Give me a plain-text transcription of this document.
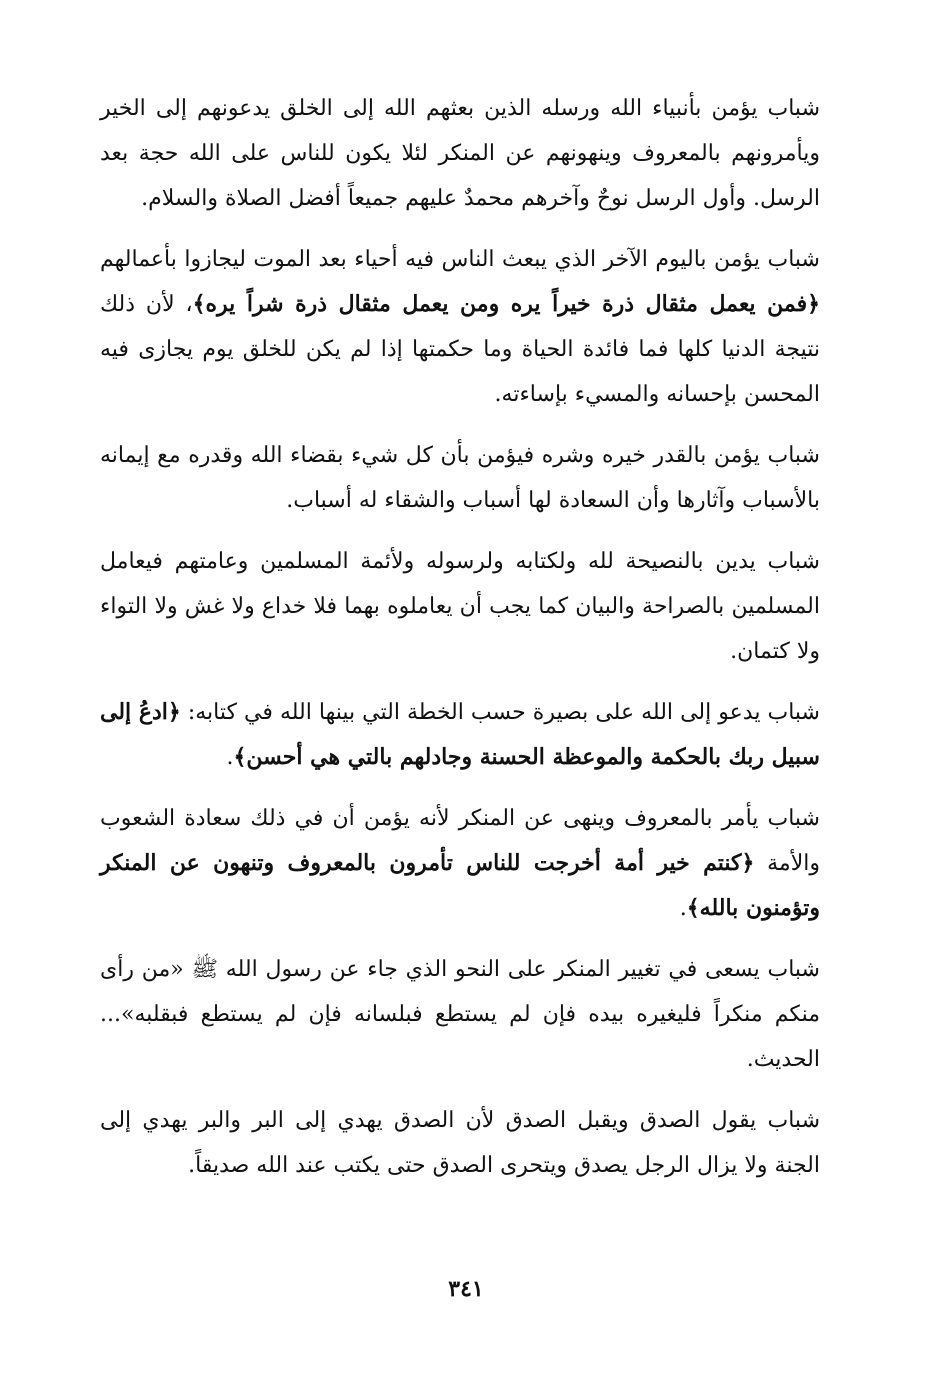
شباب يؤمن بأنبياء الله ورسله الذين بعثهم الله إلى الخلق يدعونهم إلى الخير ويأمرونهم بالمعروف وينهونهم عن المنكر لئلا يكون للناس على الله حجة بعد الرسل. وأول الرسل نوحٌ وآخرهم محمدٌ عليهم جميعاً أفضل الصلاة والسلام.

شباب يؤمن باليوم الآخر الذي يبعث الناس فيه أحياء بعد الموت ليجازوا بأعمالهم ﴿فمن يعمل مثقال ذرة خيراً يره ومن يعمل مثقال ذرة شراً يره﴾، لأن ذلك نتيجة الدنيا كلها فما فائدة الحياة وما حكمتها إذا لم يكن للخلق يوم يجازى فيه المحسن بإحسانه والمسيء بإساءته.

شباب يؤمن بالقدر خيره وشره فيؤمن بأن كل شيء بقضاء الله وقدره مع إيمانه بالأسباب وآثارها وأن السعادة لها أسباب والشقاء له أسباب.

شباب يدين بالنصيحة لله ولكتابه ولرسوله ولأئمة المسلمين وعامتهم فيعامل المسلمين بالصراحة والبيان كما يجب أن يعاملوه بهما فلا خداع ولا غش ولا التواء ولا كتمان.

شباب يدعو إلى الله على بصيرة حسب الخطة التي بينها الله في كتابه: ﴿ادعُ إلى سبيل ربك بالحكمة والموعظة الحسنة وجادلهم بالتي هي أحسن﴾.

شباب يأمر بالمعروف وينهى عن المنكر لأنه يؤمن أن في ذلك سعادة الشعوب والأمة ﴿كنتم خير أمة أخرجت للناس تأمرون بالمعروف وتنهون عن المنكر وتؤمنون بالله﴾.

شباب يسعى في تغيير المنكر على النحو الذي جاء عن رسول الله ﷺ «من رأى منكم منكراً فليغيره بيده فإن لم يستطع فبلسانه فإن لم يستطع فبقلبه»... الحديث.

شباب يقول الصدق ويقبل الصدق لأن الصدق يهدي إلى البر والبر يهدي إلى الجنة ولا يزال الرجل يصدق ويتحرى الصدق حتى يكتب عند الله صديقاً.

٣٤١
